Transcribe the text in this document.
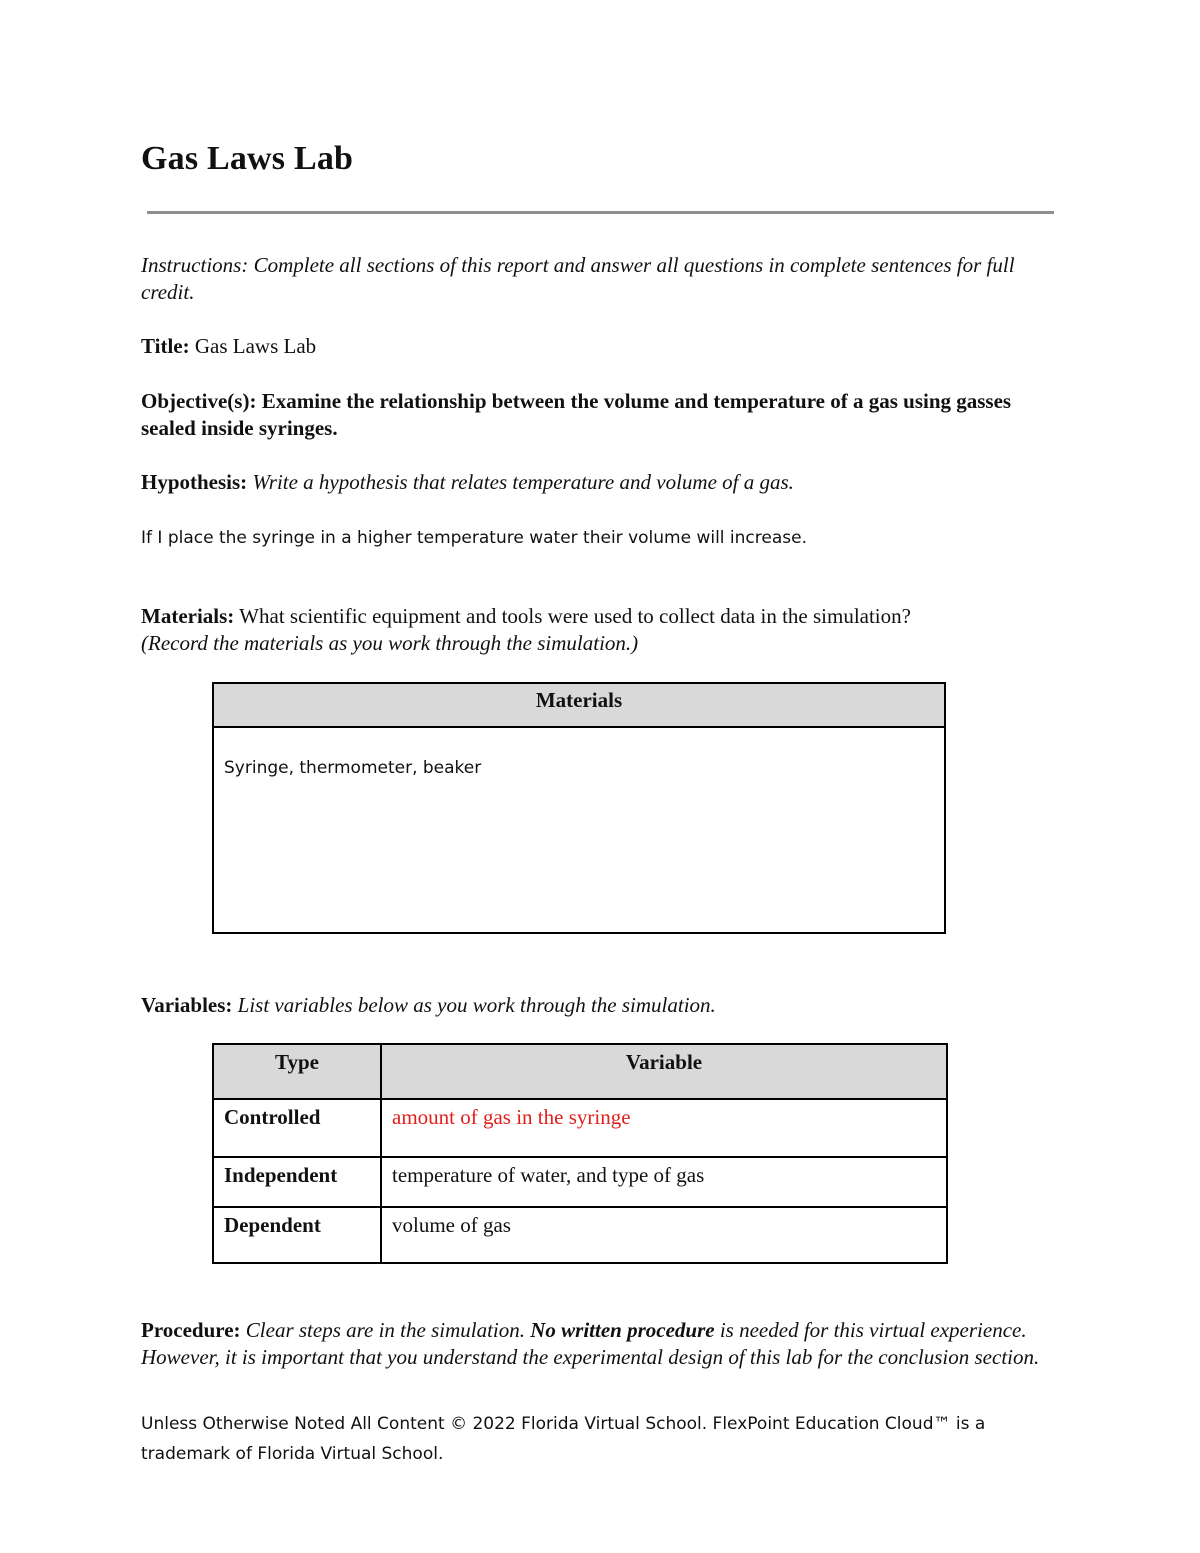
Gas Laws Lab

Instructions: Complete all sections of this report and answer all questions in complete sentences for full credit.

Title: Gas Laws Lab

Objective(s): Examine the relationship between the volume and temperature of a gas using gasses sealed inside syringes.

Hypothesis: Write a hypothesis that relates temperature and volume of a gas.

If I place the syringe in a higher temperature water their volume will increase.

Materials: What scientific equipment and tools were used to collect data in the simulation?
(Record the materials as you work through the simulation.)

Materials
Syringe, thermometer, beaker

Variables: List variables below as you work through the simulation.

Type	Variable
Controlled	amount of gas in the syringe
Independent	temperature of water, and type of gas
Dependent	volume of gas

Procedure: Clear steps are in the simulation. No written procedure is needed for this virtual experience. However, it is important that you understand the experimental design of this lab for the conclusion section.

Unless Otherwise Noted All Content © 2022 Florida Virtual School. FlexPoint Education Cloud™ is a
trademark of Florida Virtual School.
